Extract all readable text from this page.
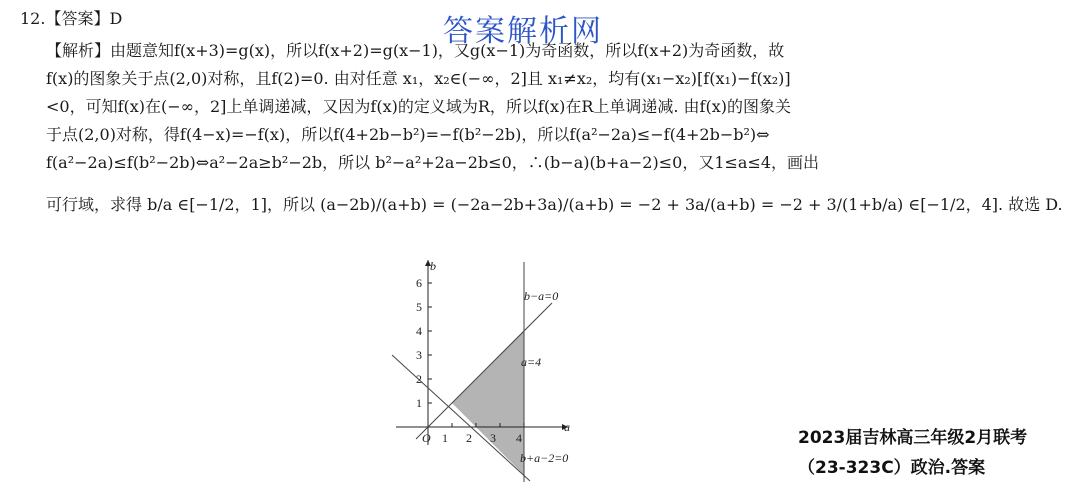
12.【答案】D	答案解析网
【解析】由题意知f(x+3)=g(x)，所以f(x+2)=g(x−1)，又g(x−1)为奇函数，所以f(x+2)为奇函数，故
f(x)的图象关于点(2,0)对称，且f(2)=0. 由对任意 x₁，x₂∈(−∞，2]且 x₁≠x₂，均有(x₁−x₂)[f(x₁)−f(x₂)]
<0，可知f(x)在(−∞，2]上单调递减，又因为f(x)的定义域为R，所以f(x)在R上单调递减. 由f(x)的图象关
于点(2,0)对称，得f(4−x)=−f(x)，所以f(4+2b−b²)=−f(b²−2b)，所以f(a²−2a)≤−f(4+2b−b²)⇔
f(a²−2a)≤f(b²−2b)⇔a²−2a≥b²−2b，所以 b²−a²+2a−2b≤0，∴(b−a)(b+a−2)≤0，又1≤a≤4，画出
可行域，求得 b/a ∈[−1/2，1]，所以 (a−2b)/(a+b) = (−2a−2b+3a)/(a+b) = −2 + 3a/(a+b) = −2 + 3/(1+b/a) ∈[−1/2，4]. 故选 D.
1
2
3
4
5
6
1 2 3 4
O
b
a
b−a=0
a=4
b+a−2=0
2023届吉林高三年级2月联考
（23-323C）政治.答案
